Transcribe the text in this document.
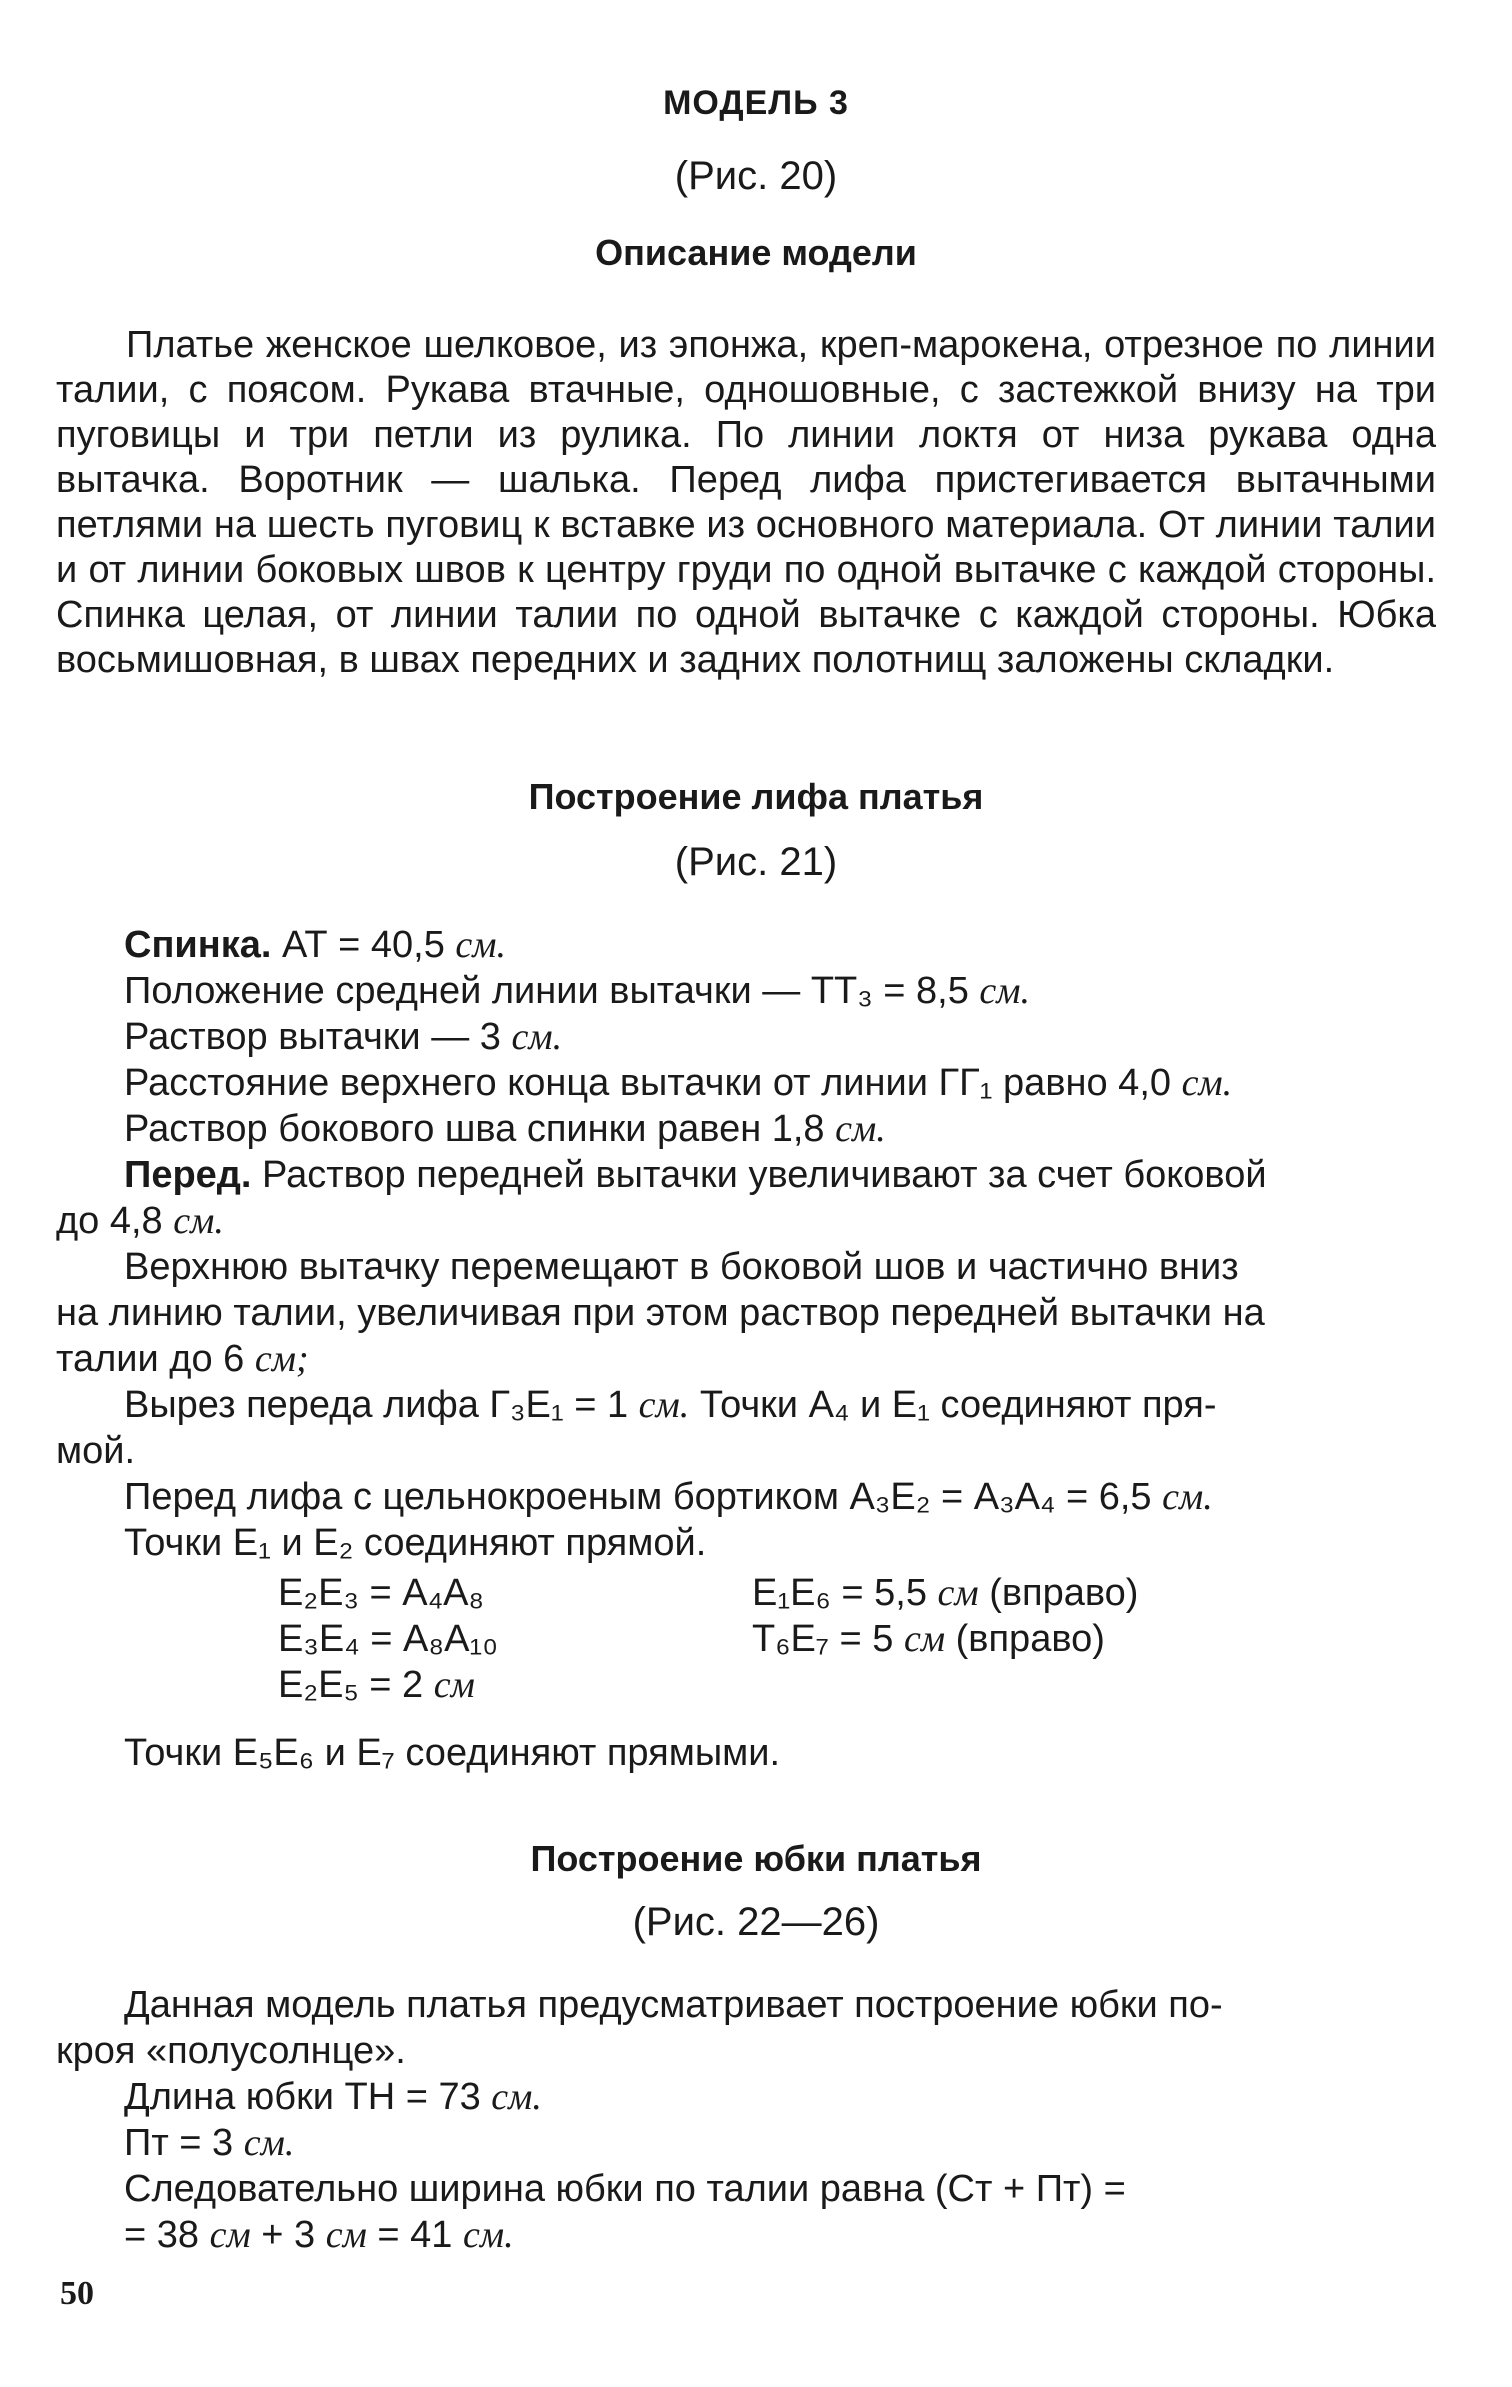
МОДЕЛЬ 3
(Рис. 20)
Описание модели
Платье женское шелковое, из эпонжа, креп-марокена, отрезное по линии талии, с поясом. Рукава втачные, одношовные, с застежкой внизу на три пуговицы и три петли из рулика. По линии локтя от низа рукава одна вытачка. Воротник — шалька. Перед лифа пристегивается вытачными петлями на шесть пуговиц к вставке из основного материала. От линии талии и от линии боковых швов к центру груди по одной вытачке с каждой стороны. Спинка целая, от линии талии по одной вытачке с каждой стороны. Юбка восьмишовная, в швах передних и задних полотнищ заложены складки.
Построение лифа платья
(Рис. 21)
Спинка. АТ = 40,5 см.
Положение средней линии вытачки — ТТ₃ = 8,5 см.
Раствор вытачки — 3 см.
Расстояние верхнего конца вытачки от линии ГГ₁ равно 4,0 см.
Раствор бокового шва спинки равен 1,8 см.
Перед. Раствор передней вытачки увеличивают за счет боковой
до 4,8 см.
Верхнюю вытачку перемещают в боковой шов и частично вниз
на линию талии, увеличивая при этом раствор передней вытачки на
талии до 6 см;
Вырез переда лифа Г₃Е₁ = 1 см. Точки А₄ и Е₁ соединяют пря-
мой.
Перед лифа с цельнокроеным бортиком А₃Е₂ = А₃А₄ = 6,5 см.
Точки Е₁ и Е₂ соединяют прямой.
Е₂Е₃ = А₄А₈
Е₃Е₄ = А₈А₁₀
Е₂Е₅ = 2 см
Е₁Е₆ = 5,5 см (вправо)
Т₆Е₇ = 5 см (вправо)
Точки Е₅Е₆ и Е₇ соединяют прямыми.
Построение юбки платья
(Рис. 22—26)
Данная модель платья предусматривает построение юбки по-
кроя «полусолнце».
Длина юбки ТН = 73 см.
Пт = 3 см.
Следовательно ширина юбки по талии равна (Ст + Пт) =
= 38 см + 3 см = 41 см.
50
